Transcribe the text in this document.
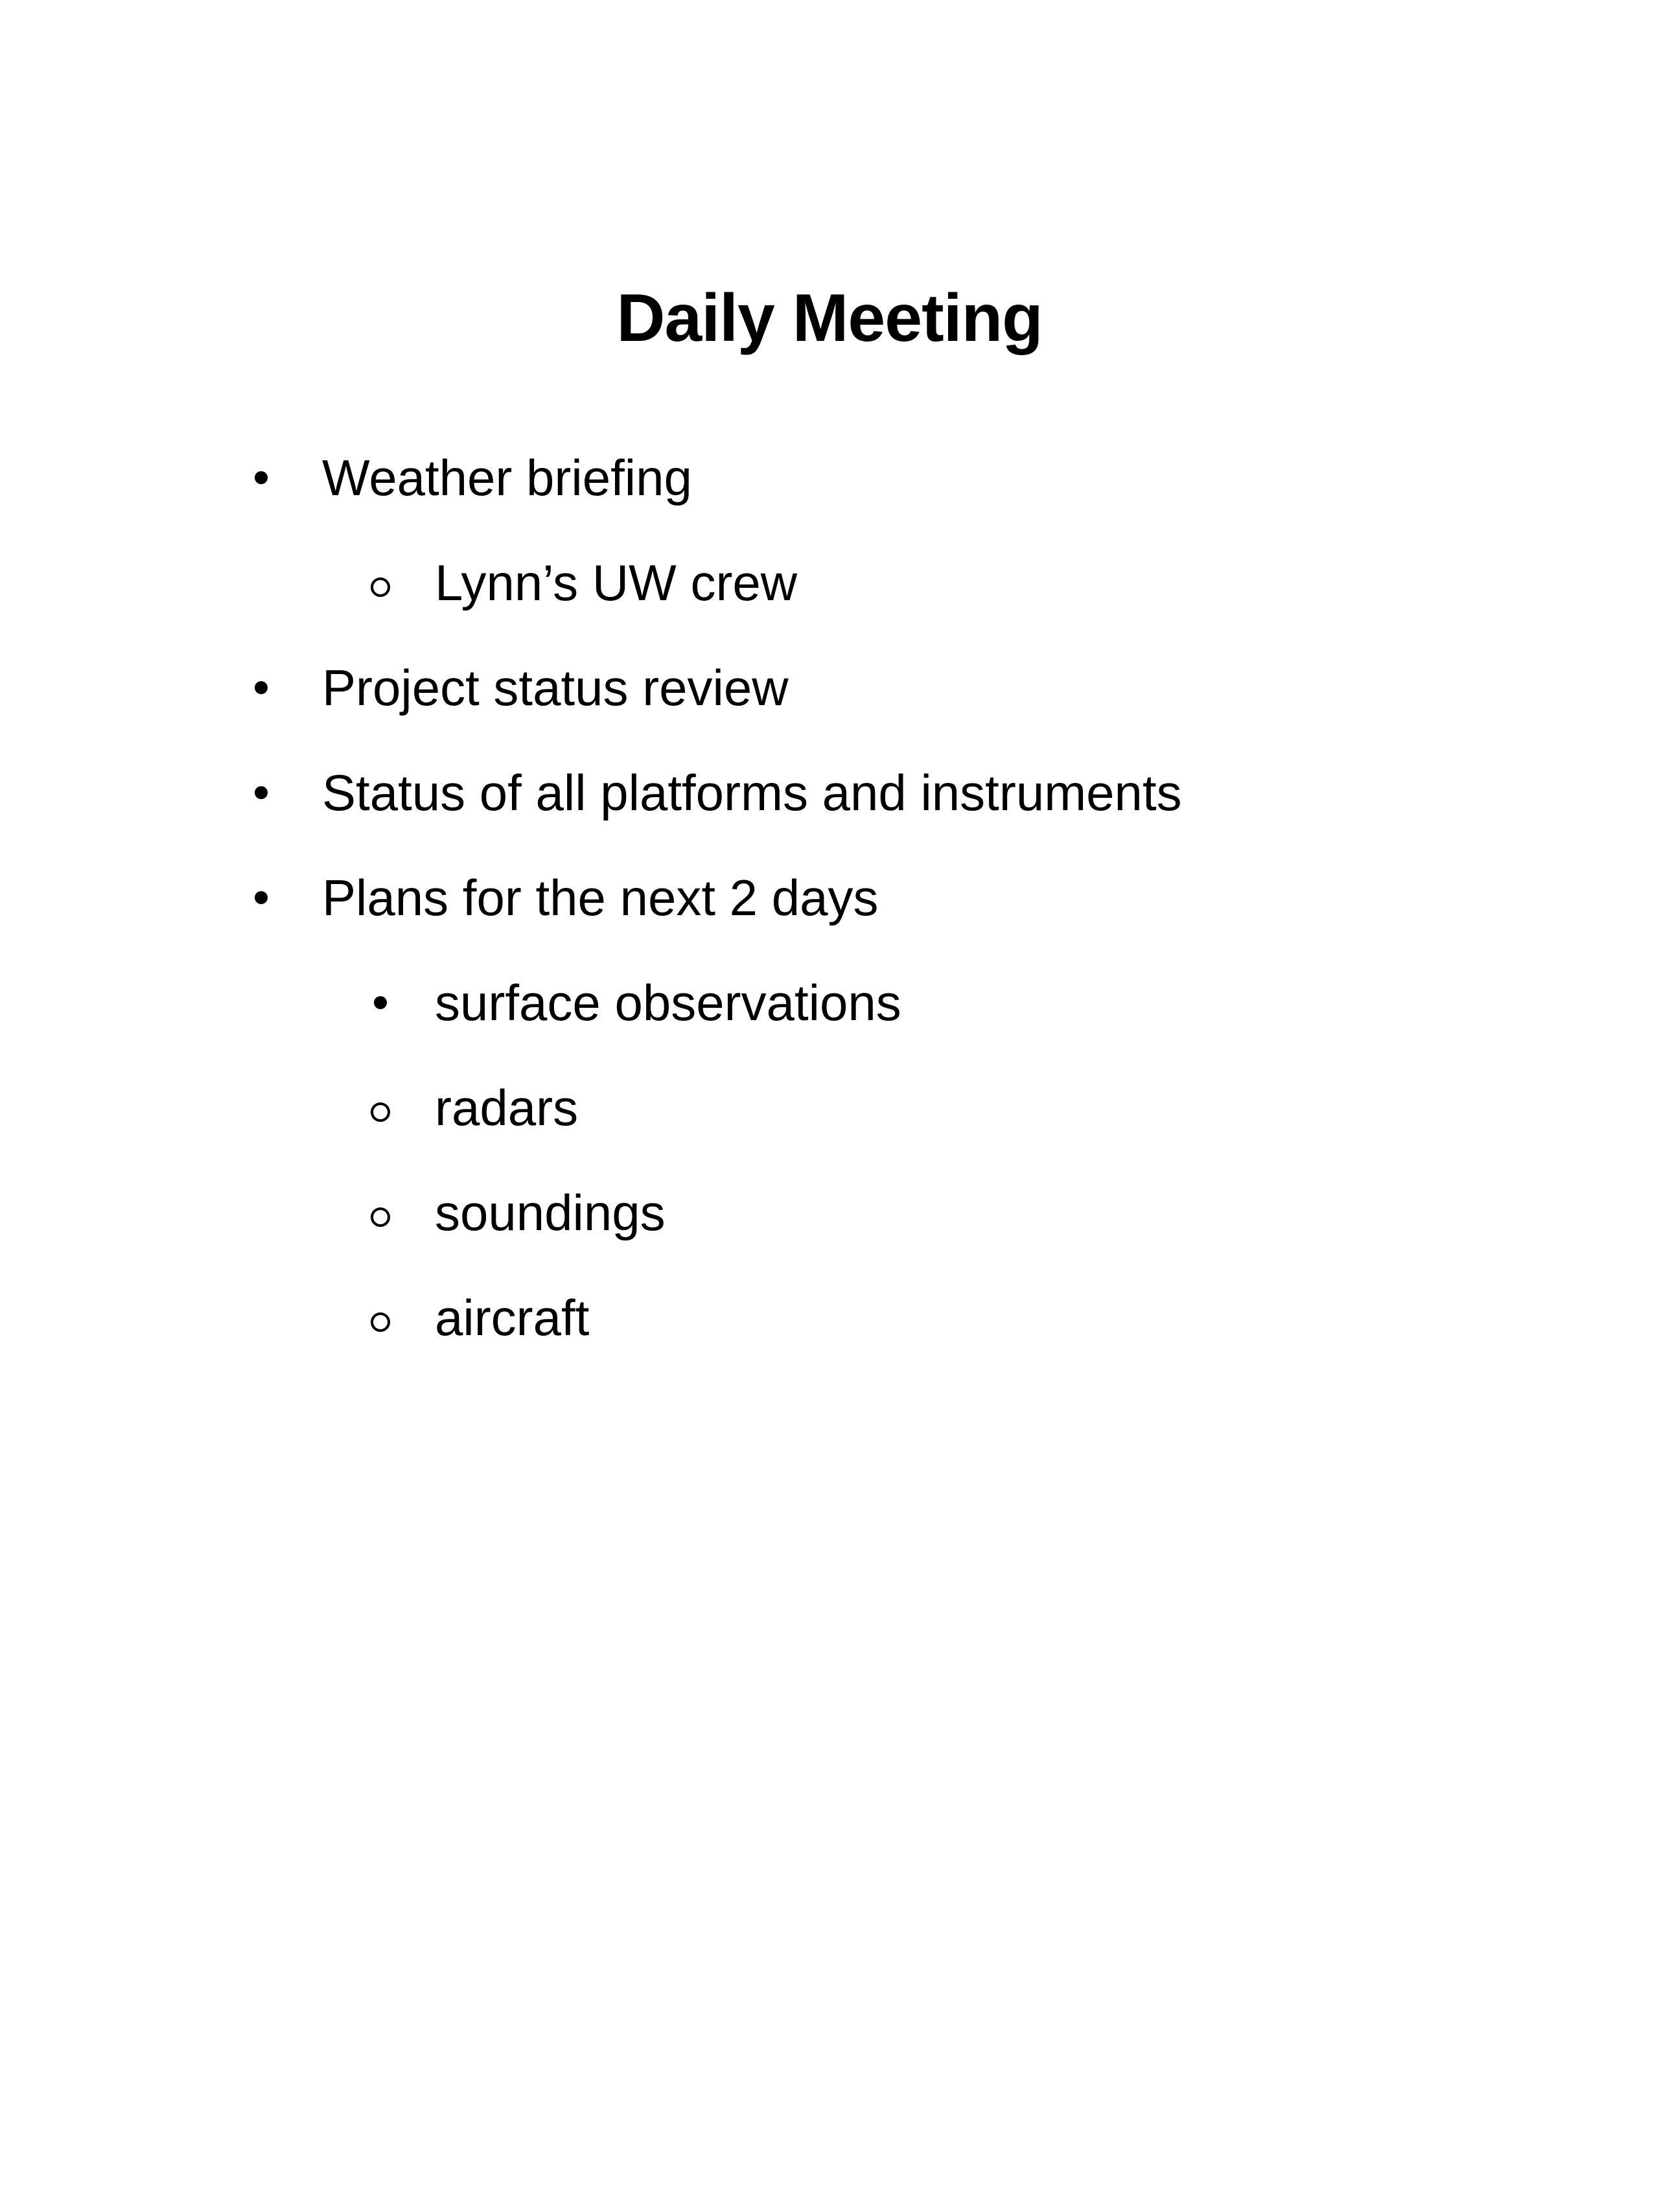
Daily Meeting
Weather briefing
Lynn’s UW crew
Project status review
Status of all platforms and instruments
Plans for the next 2 days
surface observations
radars
soundings
aircraft
